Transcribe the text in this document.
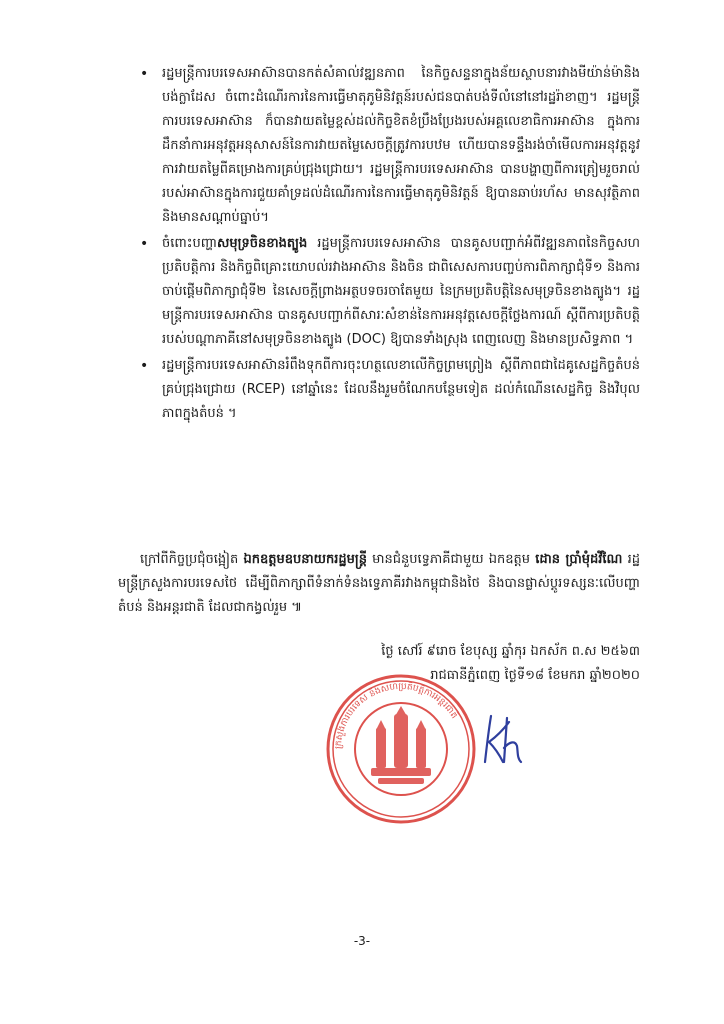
• រដ្ឋមន្ត្រីការបរទេសអាស៊ានបានកត់សំគាល់វឌ្ឍនភាព នៃកិច្ចសន្ទនាក្នុងន័យស្ថាបនារវាងមីយ៉ាន់ម៉ានិងបង់ក្លាដែស ចំពោះដំណើរការនៃការធ្វើមាតុភូមិនិវត្តន៍របស់ជនបាត់បង់ទីលំនៅនៅរដ្ឋរ៉ាខាញ។ រដ្ឋមន្ត្រីការបរទេសអាស៊ាន ក៏បានវាយតម្លៃខ្ពស់ដល់កិច្ចខិតខំប្រឹងប្រែងរបស់អគ្គលេខាធិការអាស៊ាន ក្នុងការដឹកនាំការអនុវត្តអនុសាសន៍នៃការវាយតម្លៃសេចក្តីត្រូវការបឋម ហើយបានទន្ទឹងរង់ចាំមើលការអនុវត្តនូវការវាយតម្លៃពីគម្រោងការគ្រប់ជ្រុងជ្រោយ។ រដ្ឋមន្ត្រីការបរទេសអាស៊ាន បានបង្ហាញពីការត្រៀមរួចរាល់របស់អាស៊ានក្នុងការជួយគាំទ្រដល់ដំណើរការនៃការធ្វើមាតុភូមិនិវត្តន៍ ឱ្យបានឆាប់រហ័ស មានសុវត្ថិភាព និងមានសណ្តាប់ធ្នាប់។
• ចំពោះបញ្ហាសមុទ្រចិនខាងត្បូង រដ្ឋមន្ត្រីការបរទេសអាស៊ាន បានគូសបញ្ជាក់អំពីវឌ្ឍនភាពនៃកិច្ចសហប្រតិបត្តិការ និងកិច្ចពិគ្រោះយោបល់រវាងអាស៊ាន និងចិន ជាពិសេសការបញ្ចប់ការពិភាក្សាជុំទី១ និងការចាប់ផ្តើមពិភាក្សាជុំទី២ នៃសេចក្តីព្រាងអត្ថបទចរចាតែមួយ នៃក្រមប្រតិបត្តិនៃសមុទ្រចិនខាងត្បូង។ រដ្ឋមន្ត្រីការបរទេសអាស៊ាន បានគូសបញ្ជាក់ពីសារៈសំខាន់នៃការអនុវត្តសេចក្តីថ្លែងការណ៍ ស្តីពីការប្រតិបត្តិរបស់បណ្តាភាគីនៅសមុទ្រចិនខាងត្បូង (DOC) ឱ្យបានទាំងស្រុង ពេញលេញ និងមានប្រសិទ្ធភាព ។
• រដ្ឋមន្ត្រីការបរទេសអាស៊ានរំពឹងទុកពីការចុះហត្ថលេខាលើកិច្ចព្រមព្រៀង ស្តីពីភាពជាដៃគូសេដ្ឋកិច្ចតំបន់គ្រប់ជ្រុងជ្រោយ (RCEP) នៅឆ្នាំនេះ ដែលនឹងរួមចំណែកបន្ថែមទៀត ដល់កំណើនសេដ្ឋកិច្ច និងវិបុលភាពក្នុងតំបន់ ។

ក្រៅពីកិច្ចប្រជុំចង្អៀត ឯកឧត្តមឧបនាយករដ្ឋមន្ត្រី មានជំនួបទ្វេភាគីជាមួយ ឯកឧត្តម ដោន ប្រាំមុំដវីណៃ រដ្ឋមន្ត្រីក្រសួងការបរទេសថៃ ដើម្បីពិភាក្សាពីទំនាក់ទំនងទ្វេភាគីរវាងកម្ពុជានិងថៃ និងបានផ្លាស់ប្តូរទស្សនៈលើបញ្ហាតំបន់ និងអន្តរជាតិ ដែលជាកង្វល់រួម ៕

ថ្ងៃ សៅរ៍ ៩រោច ខែបុស្ស ឆ្នាំកុរ ឯកស័ក ព.ស ២៥៦៣
រាជធានីភ្នំពេញ ថ្ងៃទី១៨ ខែមករា ឆ្នាំ២០២០
ក្រសួងការបរទេស និងសហប្រតិបត្តិការអន្តរជាតិ
-3-
